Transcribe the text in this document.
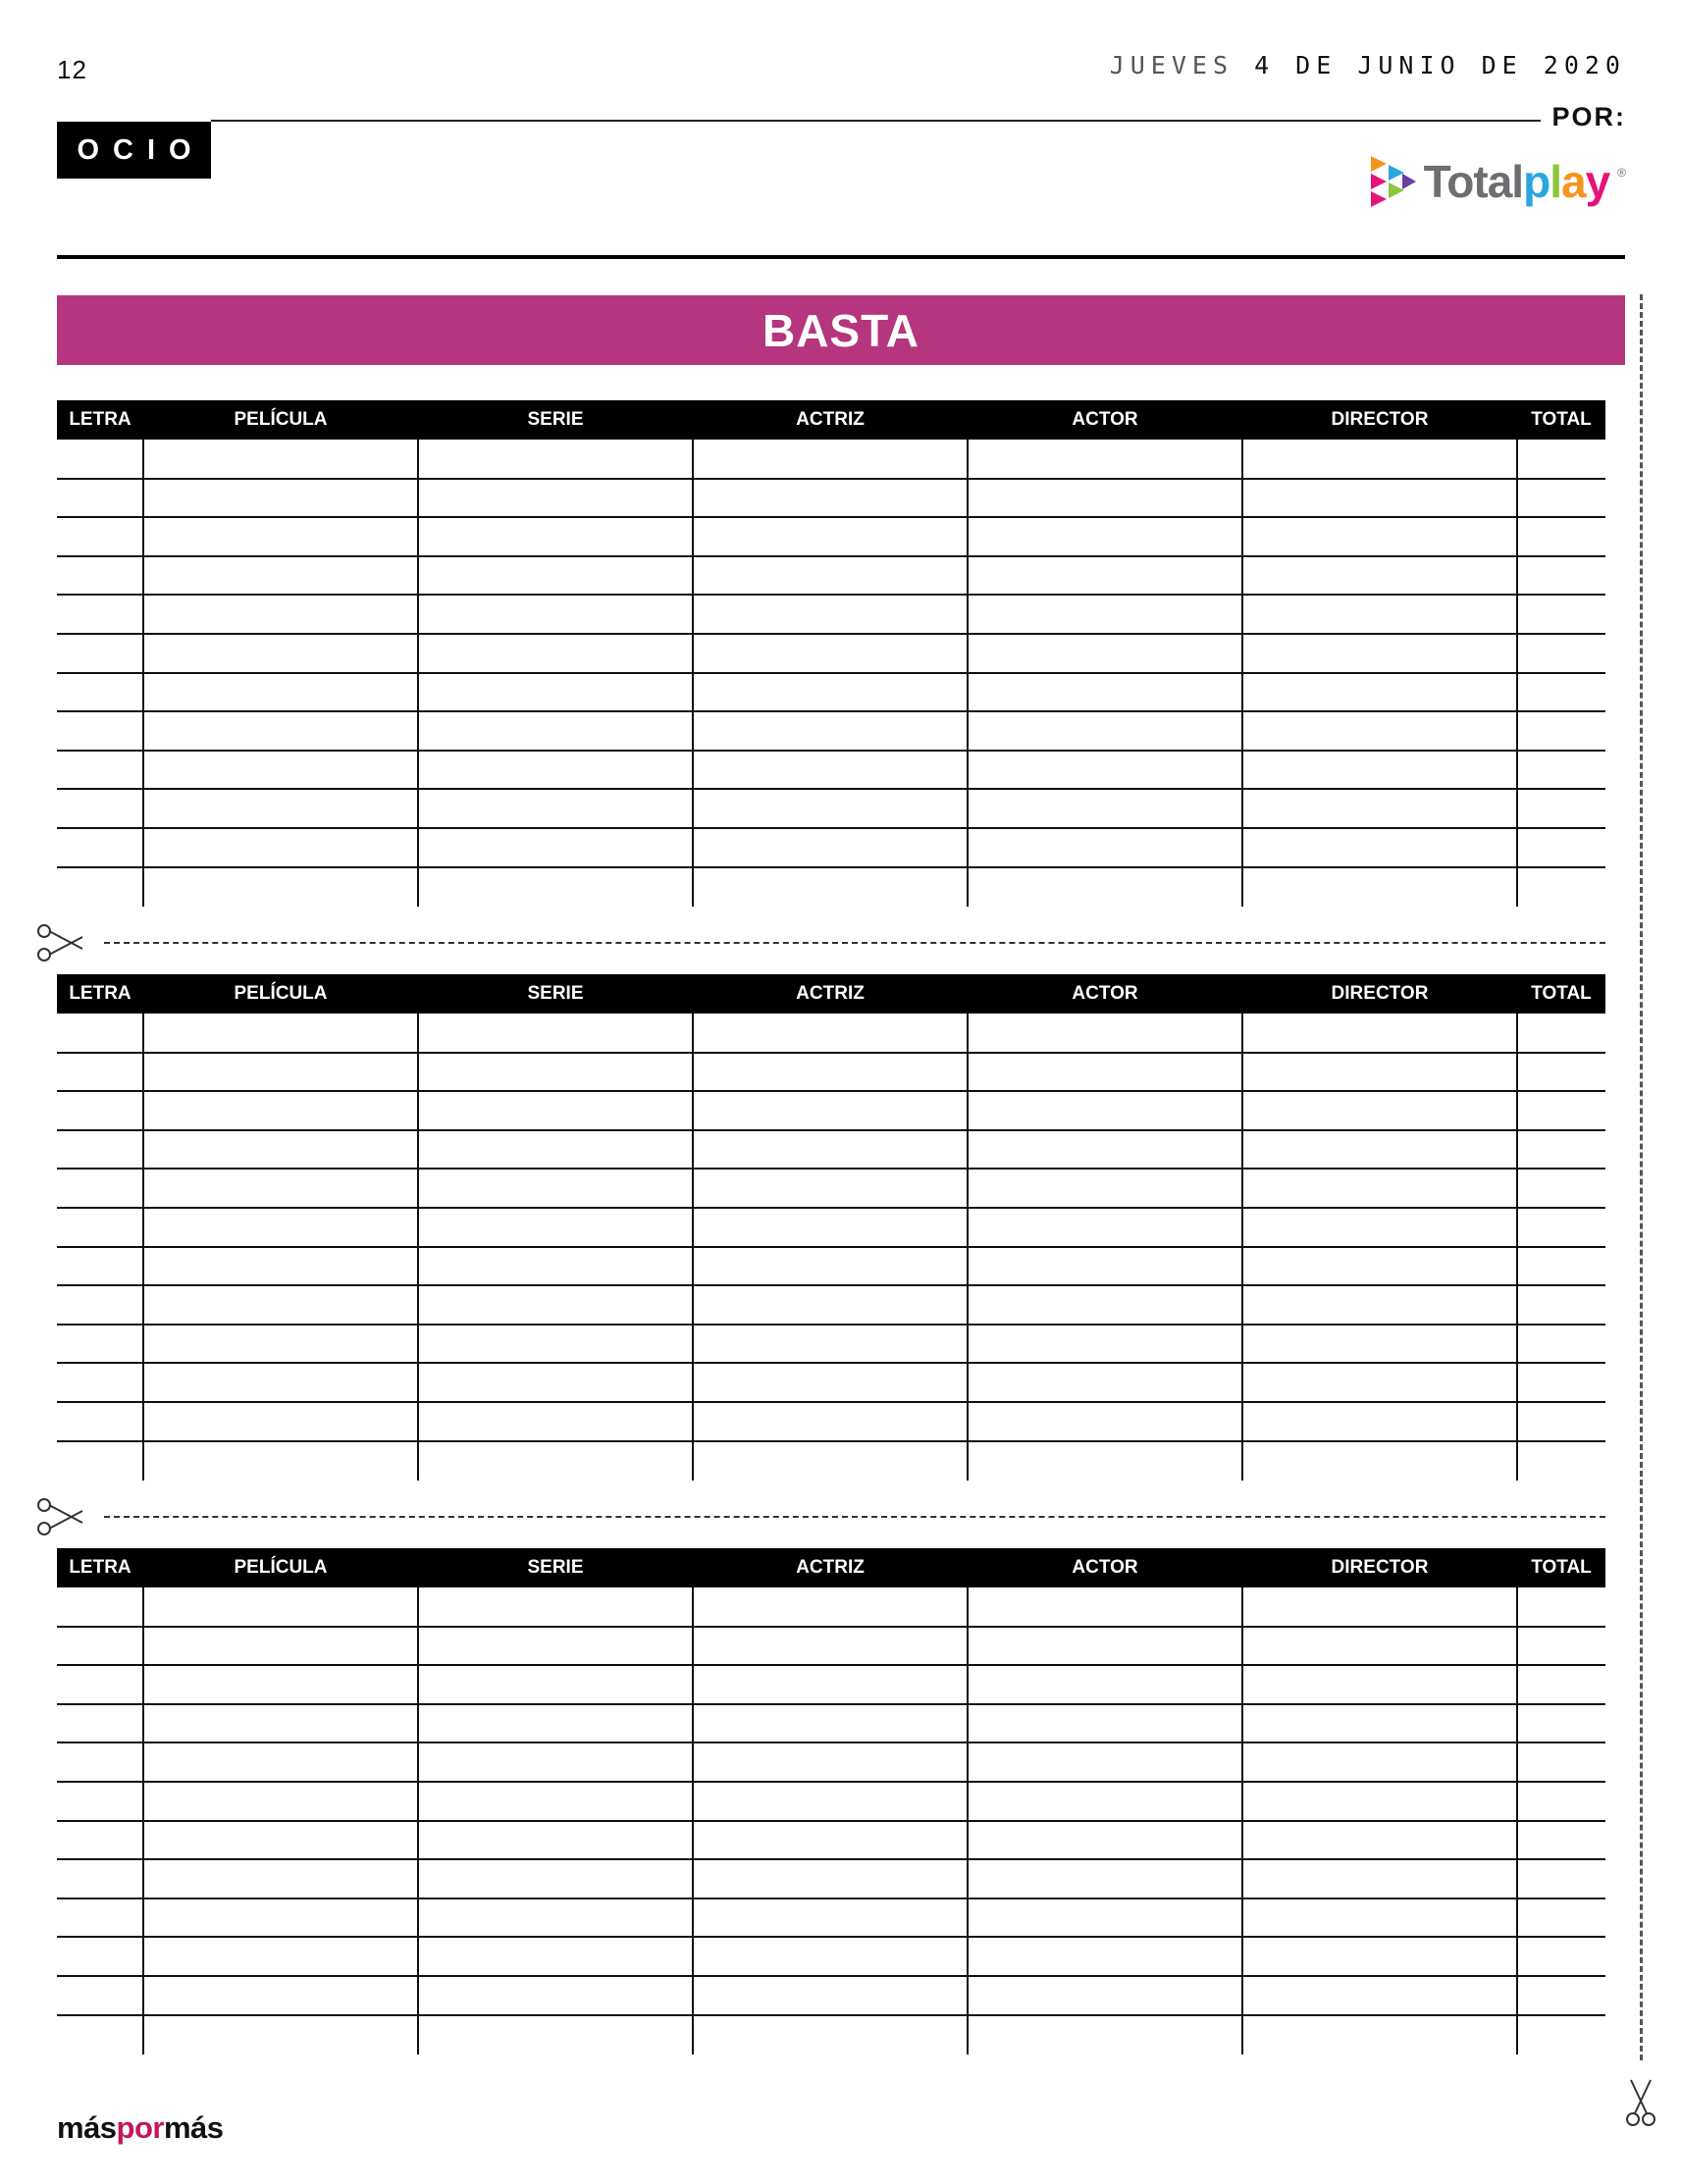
12	JUEVES 4 DE JUNIO DE 2020
POR:
OCIO
Totalplay ®
BASTA
LETRA	PELÍCULA	SERIE	ACTRIZ	ACTOR	DIRECTOR	TOTAL
LETRA	PELÍCULA	SERIE	ACTRIZ	ACTOR	DIRECTOR	TOTAL
LETRA	PELÍCULA	SERIE	ACTRIZ	ACTOR	DIRECTOR	TOTAL
máspormás
